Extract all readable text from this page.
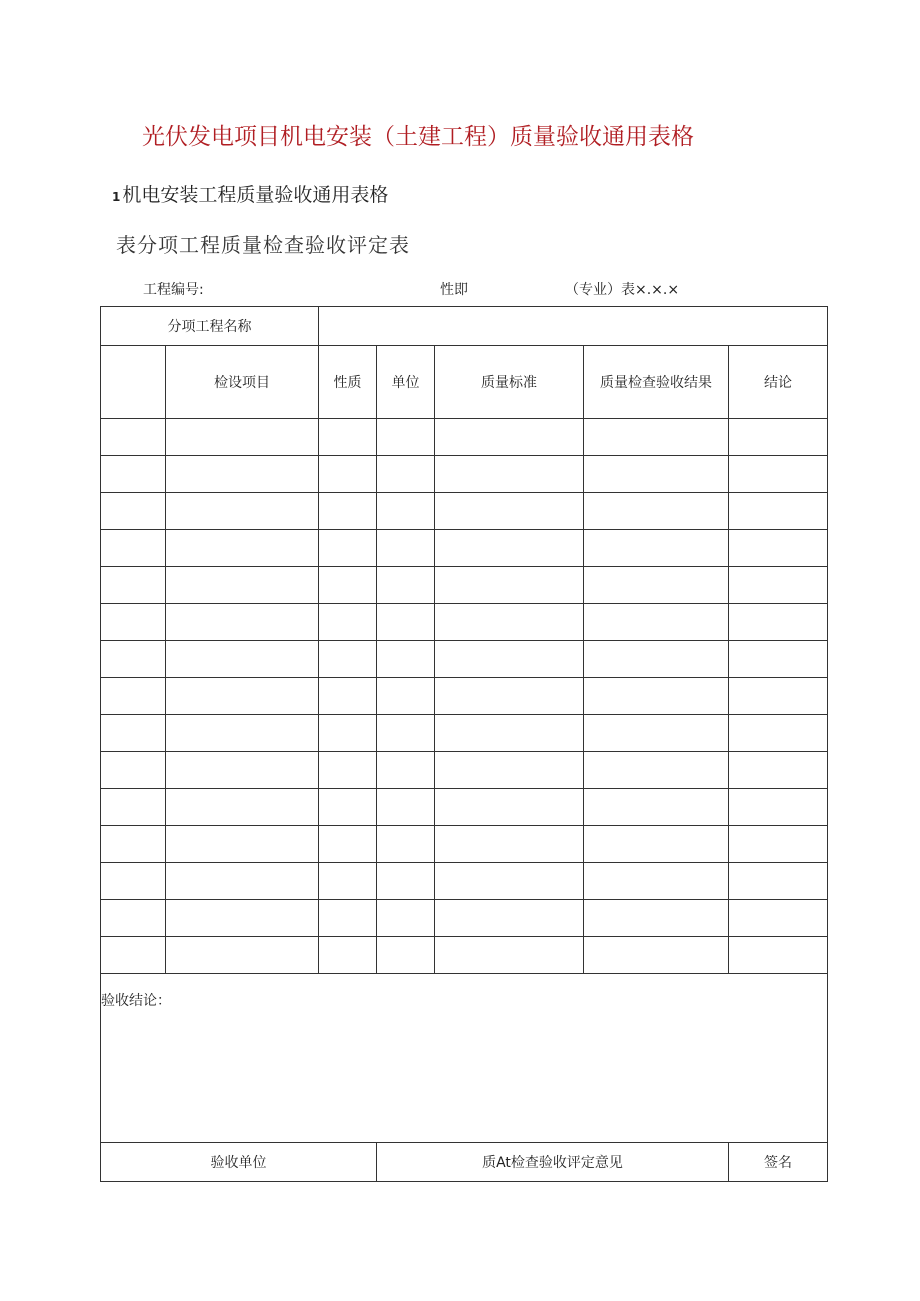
光伏发电项目机电安装（土建工程）质量验收通用表格
1 机电安装工程质量验收通用表格
表分项工程质量检查验收评定表
工程编号:	性即	（专业）表×.×.×
分项工程名称						
	检设项目	性质	单位	质量标准	质量检查验收结果	结论

验收结论：						

验收单位			质At检查验收评定意见			签名
